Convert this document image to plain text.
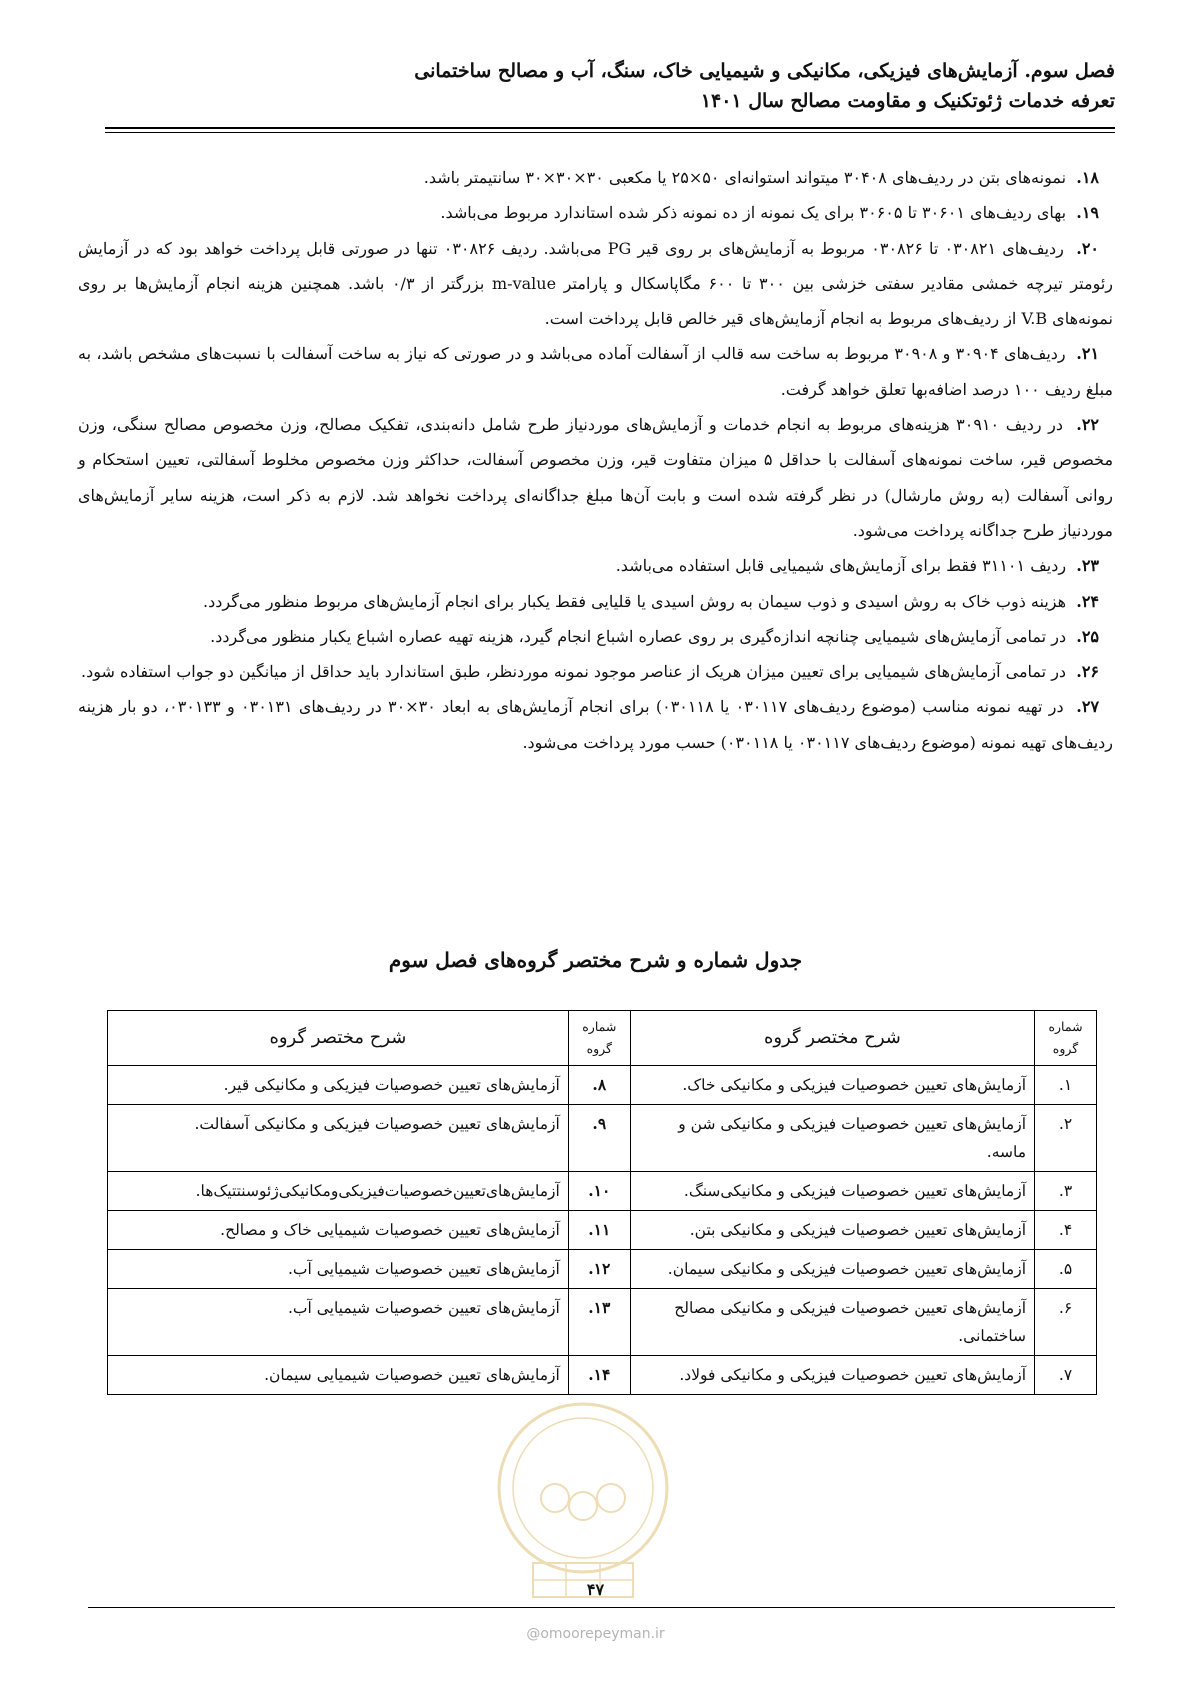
فصل سوم. آزمایش‌های فیزیکی، مکانیکی و شیمیایی خاک، سنگ، آب و مصالح ساختمانی
تعرفه خدمات ژئوتکنیک و مقاومت مصالح سال ۱۴۰۱

۱۸.  نمونه‌های بتن در ردیف‌های ۳۰۴۰۸ میتواند استوانه‌ای ۵۰×۲۵ یا مکعبی ۳۰×۳۰×۳۰ سانتیمتر باشد.

۱۹.  بهای ردیف‌های ۳۰۶۰۱ تا ۳۰۶۰۵ برای یک نمونه از ده نمونه ذکر شده استاندارد مربوط می‌باشد.

۲۰.  ردیف‌های ۰۳۰۸۲۱ تا ۰۳۰۸۲۶ مربوط به آزمایش‌های بر روی قیر PG می‌باشد. ردیف ۰۳۰۸۲۶ تنها در صورتی قابل پرداخت خواهد بود که در آزمایش رئومتر تیرچه خمشی مقادیر سفتی خزشی بین ۳۰۰ تا ۶۰۰ مگاپاسکال و پارامتر m-value بزرگتر از ۰/۳ باشد. همچنین هزینه انجام آزمایش‌ها بر روی نمونه‌های V.B از ردیف‌های مربوط به انجام آزمایش‌های قیر خالص قابل پرداخت است.

۲۱.  ردیف‌های ۳۰۹۰۴ و ۳۰۹۰۸ مربوط به ساخت سه قالب از آسفالت آماده می‌باشد و در صورتی که نیاز به ساخت آسفالت با نسبت‌های مشخص باشد، به مبلغ ردیف ۱۰۰ درصد اضافه‌بها تعلق خواهد گرفت.

۲۲.  در ردیف ۳۰۹۱۰ هزینه‌های مربوط به انجام خدمات و آزمایش‌های موردنیاز طرح شامل دانه‌بندی، تفکیک مصالح، وزن مخصوص مصالح سنگی، وزن مخصوص قیر، ساخت نمونه‌های آسفالت با حداقل ۵ میزان متفاوت قیر، وزن مخصوص آسفالت، حداکثر وزن مخصوص مخلوط آسفالتی، تعیین استحکام و روانی آسفالت (به روش مارشال) در نظر گرفته شده است و بابت آن‌ها مبلغ جداگانه‌ای پرداخت نخواهد شد. لازم به ذکر است، هزینه سایر آزمایش‌های موردنیاز طرح جداگانه پرداخت می‌شود.

۲۳.  ردیف ۳۱۱۰۱ فقط برای آزمایش‌های شیمیایی قابل استفاده می‌باشد.

۲۴.  هزینه ذوب خاک به روش اسیدی و ذوب سیمان به روش اسیدی یا قلیایی فقط یکبار برای انجام آزمایش‌های مربوط منظور می‌گردد.

۲۵.  در تمامی آزمایش‌های شیمیایی چنانچه اندازه‌گیری بر روی عصاره اشباع انجام گیرد، هزینه تهیه عصاره اشباع یکبار منظور می‌گردد.

۲۶.  در تمامی آزمایش‌های شیمیایی برای تعیین میزان هریک از عناصر موجود نمونه موردنظر، طبق استاندارد باید حداقل از میانگین دو جواب استفاده شود.

۲۷.  در تهیه نمونه مناسب (موضوع ردیف‌های ۰۳۰۱۱۷ یا ۰۳۰۱۱۸) برای انجام آزمایش‌های به ابعاد ۳۰×۳۰ در ردیف‌های ۰۳۰۱۳۱ و ۰۳۰۱۳۳، دو بار هزینه ردیف‌های تهیه نمونه (موضوع ردیف‌های ۰۳۰۱۱۷ یا ۰۳۰۱۱۸) حسب مورد پرداخت می‌شود.

جدول شماره و شرح مختصر گروه‌های فصل سوم
شماره گروه	شرح مختصر گروه	شماره گروه	شرح مختصر گروه
۱.	آزمایش‌های تعیین خصوصیات فیزیکی و مکانیکی خاک.	۸.	آزمایش‌های تعیین خصوصیات فیزیکی و مکانیکی قیر.
۲.	آزمایش‌های تعیین خصوصیات فیزیکی و مکانیکی شن و ماسه.	۹.	آزمایش‌های تعیین خصوصیات فیزیکی و مکانیکی آسفالت.
۳.	آزمایش‌های تعیین خصوصیات فیزیکی و مکانیکی‌سنگ.	۱۰.	آزمایش‌های‌تعیین‌خصوصیات‌فیزیکی‌ومکانیکی‌ژئوسنتتیک‌ها.
۴.	آزمایش‌های تعیین خصوصیات فیزیکی و مکانیکی بتن.	۱۱.	آزمایش‌های تعیین خصوصیات شیمیایی خاک و مصالح.
۵.	آزمایش‌های تعیین خصوصیات فیزیکی و مکانیکی سیمان.	۱۲.	آزمایش‌های تعیین خصوصیات شیمیایی آب.
۶.	آزمایش‌های تعیین خصوصیات فیزیکی و مکانیکی مصالح ساختمانی.	۱۳.	آزمایش‌های تعیین خصوصیات شیمیایی آب.
۷.	آزمایش‌های تعیین خصوصیات فیزیکی و مکانیکی فولاد.	۱۴.	آزمایش‌های تعیین خصوصیات شیمیایی سیمان.
۴۷
@omoorepeyman.ir
